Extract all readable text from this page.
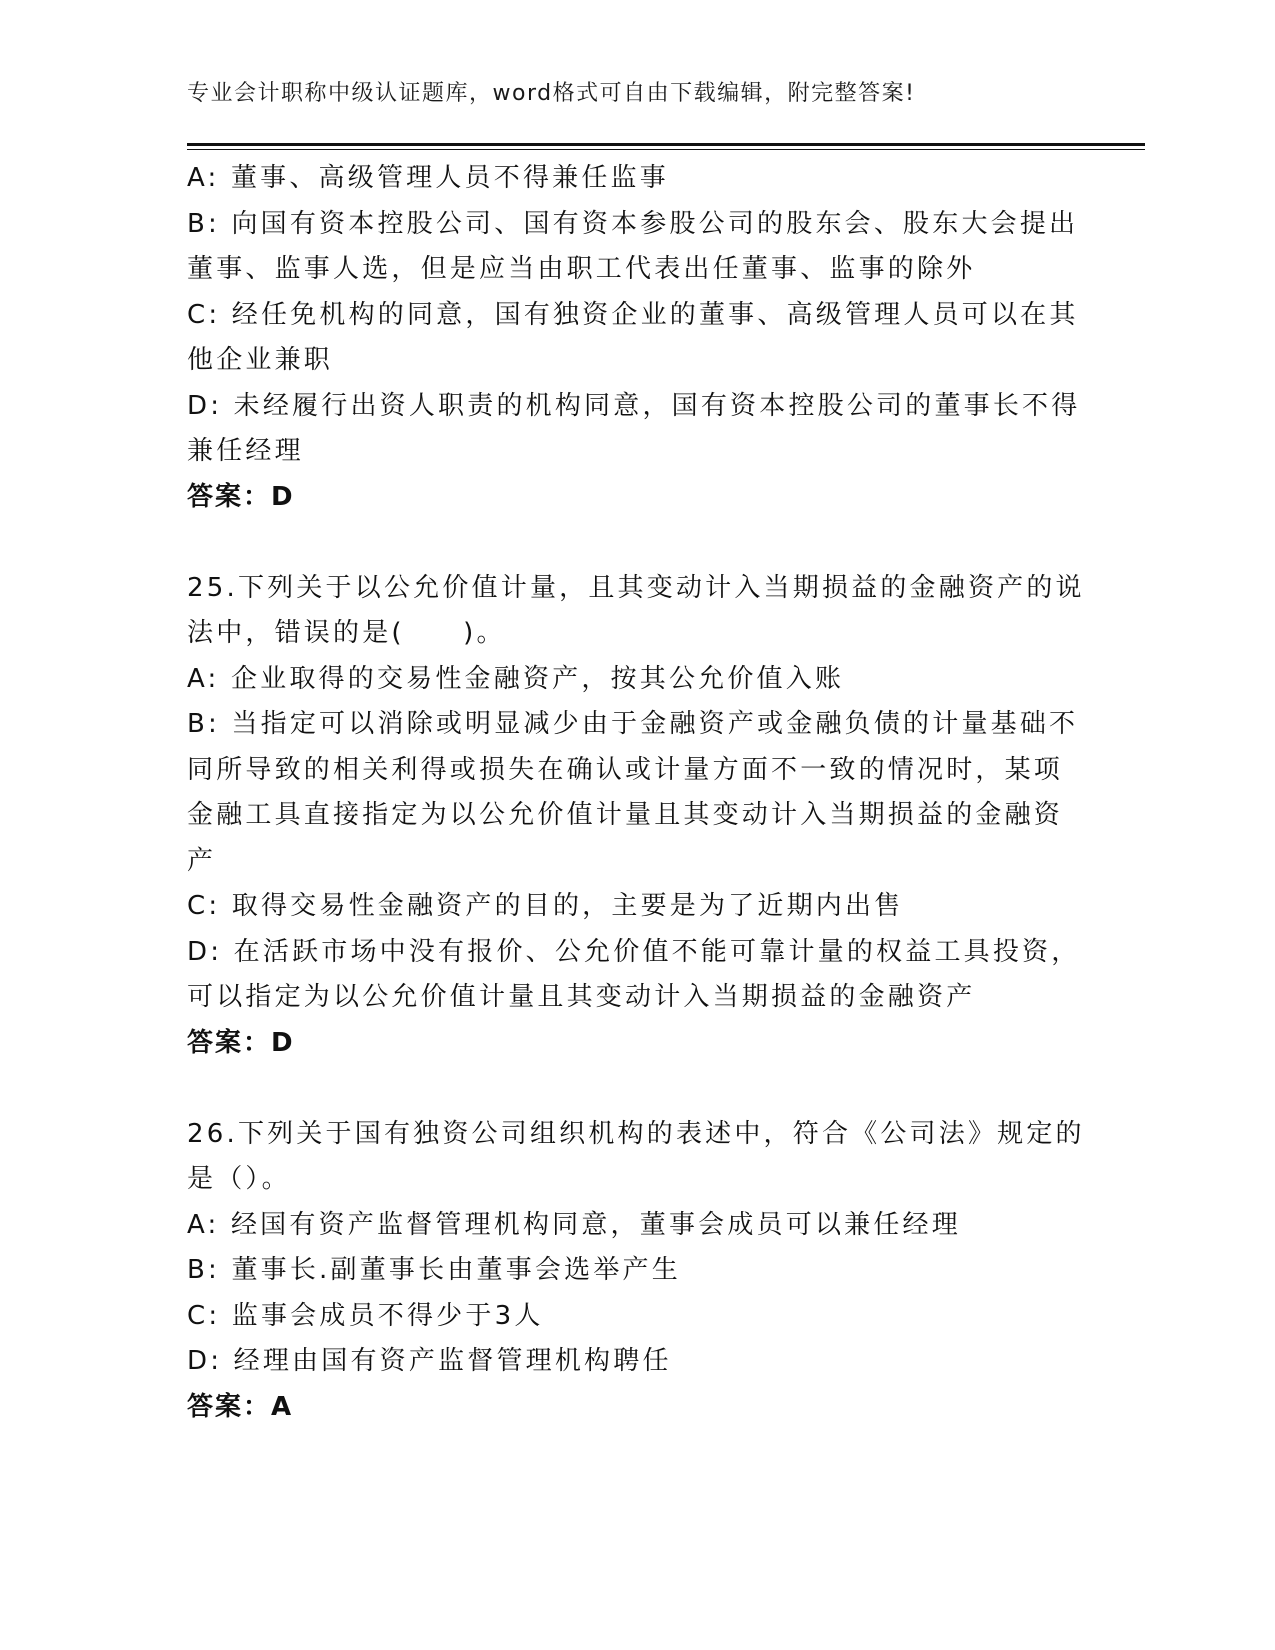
专业会计职称中级认证题库，word格式可自由下载编辑，附完整答案!
A: 董事、高级管理人员不得兼任监事
B: 向国有资本控股公司、国有资本参股公司的股东会、股东大会提出
董事、监事人选，但是应当由职工代表出任董事、监事的除外
C: 经任免机构的同意，国有独资企业的董事、高级管理人员可以在其
他企业兼职
D: 未经履行出资人职责的机构同意，国有资本控股公司的董事长不得
兼任经理
答案：D
25.下列关于以公允价值计量，且其变动计入当期损益的金融资产的说
法中，错误的是(　　)。
A: 企业取得的交易性金融资产，按其公允价值入账
B: 当指定可以消除或明显减少由于金融资产或金融负债的计量基础不
同所导致的相关利得或损失在确认或计量方面不一致的情况时，某项
金融工具直接指定为以公允价值计量且其变动计入当期损益的金融资
产
C: 取得交易性金融资产的目的，主要是为了近期内出售
D: 在活跃市场中没有报价、公允价值不能可靠计量的权益工具投资，
可以指定为以公允价值计量且其变动计入当期损益的金融资产
答案：D
26.下列关于国有独资公司组织机构的表述中，符合《公司法》规定的
是（）。
A: 经国有资产监督管理机构同意，董事会成员可以兼任经理
B: 董事长.副董事长由董事会选举产生
C: 监事会成员不得少于3人
D: 经理由国有资产监督管理机构聘任
答案：A
